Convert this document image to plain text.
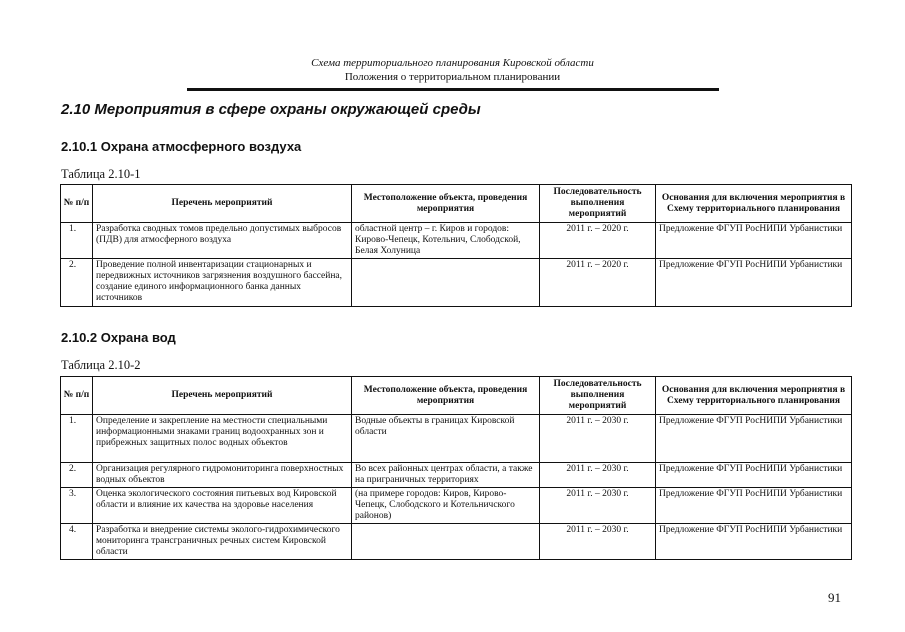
Схема территориального планирования Кировской области
Положения о территориальном планировании
2.10 Мероприятия в сфере охраны окружающей среды
2.10.1 Охрана атмосферного воздуха
Таблица 2.10-1
№ п/п	Перечень мероприятий	Местоположение объекта, проведения мероприятия	Последовательность выполнения мероприятий	Основания для включения мероприятия в Схему территориального планирования
1.	Разработка сводных томов предельно допустимых выбросов (ПДВ) для атмосферного воздуха	областной центр – г. Киров и городов: Кирово-Чепецк, Котельнич, Слободской, Белая Холуница	2011 г. – 2020 г.	Предложение ФГУП РосНИПИ Урбанистики
2.	Проведение полной инвентаризации стационарных и передвижных источников загрязнения воздушного бассейна, создание единого информационного банка данных источников		2011 г. – 2020 г.	Предложение ФГУП РосНИПИ Урбанистики
2.10.2 Охрана вод
Таблица 2.10-2
№ п/п	Перечень мероприятий	Местоположение объекта, проведения мероприятия	Последовательность выполнения мероприятий	Основания для включения мероприятия в Схему территориального планирования
1.	Определение и закрепление на местности специальными информационными знаками границ водоохранных зон и прибрежных защитных полос водных объектов	Водные объекты в границах Кировской области	2011 г. – 2030 г.	Предложение ФГУП РосНИПИ Урбанистики
2.	Организация регулярного гидромониторинга поверхностных водных объектов	Во всех районных центрах области, а также на приграничных территориях	2011 г. – 2030 г.	Предложение ФГУП РосНИПИ Урбанистики
3.	Оценка экологического состояния питьевых вод Кировской области и влияние их качества на здоровье населения	(на примере городов: Киров, Кирово-Чепецк, Слободского и Котельничского районов)	2011 г. – 2030 г.	Предложение ФГУП РосНИПИ Урбанистики
4.	Разработка и внедрение системы эколого-гидрохимического мониторинга трансграничных речных систем Кировской области		2011 г. – 2030 г.	Предложение ФГУП РосНИПИ Урбанистики
91
